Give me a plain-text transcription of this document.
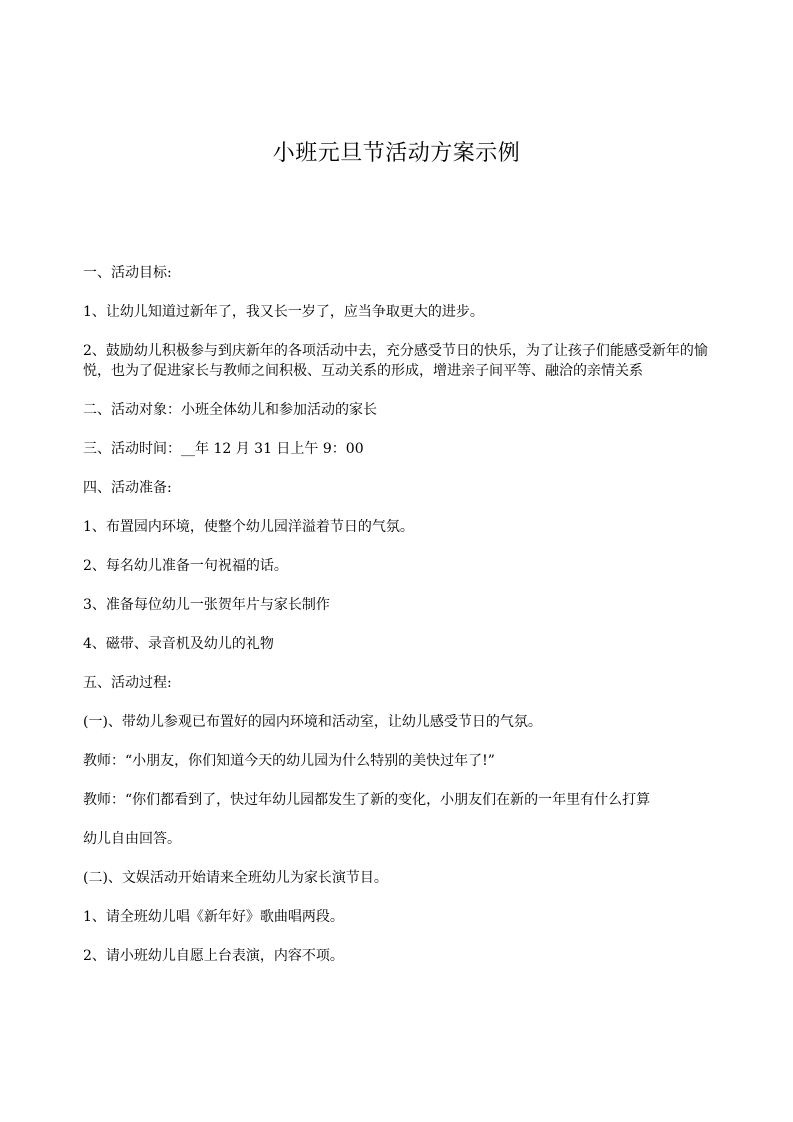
小班元旦节活动方案示例

一、活动目标:

1、让幼儿知道过新年了，我又长一岁了，应当争取更大的进步。

2、鼓励幼儿积极参与到庆新年的各项活动中去，充分感受节日的快乐，为了让孩子们能感受新年的愉悦，也为了促进家长与教师之间积极、互动关系的形成，增进亲子间平等、融洽的亲情关系

二、活动对象：小班全体幼儿和参加活动的家长

三、活动时间：__年 12 月 31 日上午 9：00

四、活动准备:

1、布置园内环境，使整个幼儿园洋溢着节日的气氛。

2、每名幼儿准备一句祝福的话。

3、准备每位幼儿一张贺年片与家长制作

4、磁带、录音机及幼儿的礼物

五、活动过程:

(一)、带幼儿参观已布置好的园内环境和活动室，让幼儿感受节日的气氛。

教师：“小朋友，你们知道今天的幼儿园为什么特别的美快过年了!”

教师：“你们都看到了，快过年幼儿园都发生了新的变化，小朋友们在新的一年里有什么打算

幼儿自由回答。

(二)、文娱活动开始请来全班幼儿为家长演节目。

1、请全班幼儿唱《新年好》歌曲唱两段。

2、请小班幼儿自愿上台表演，内容不项。
